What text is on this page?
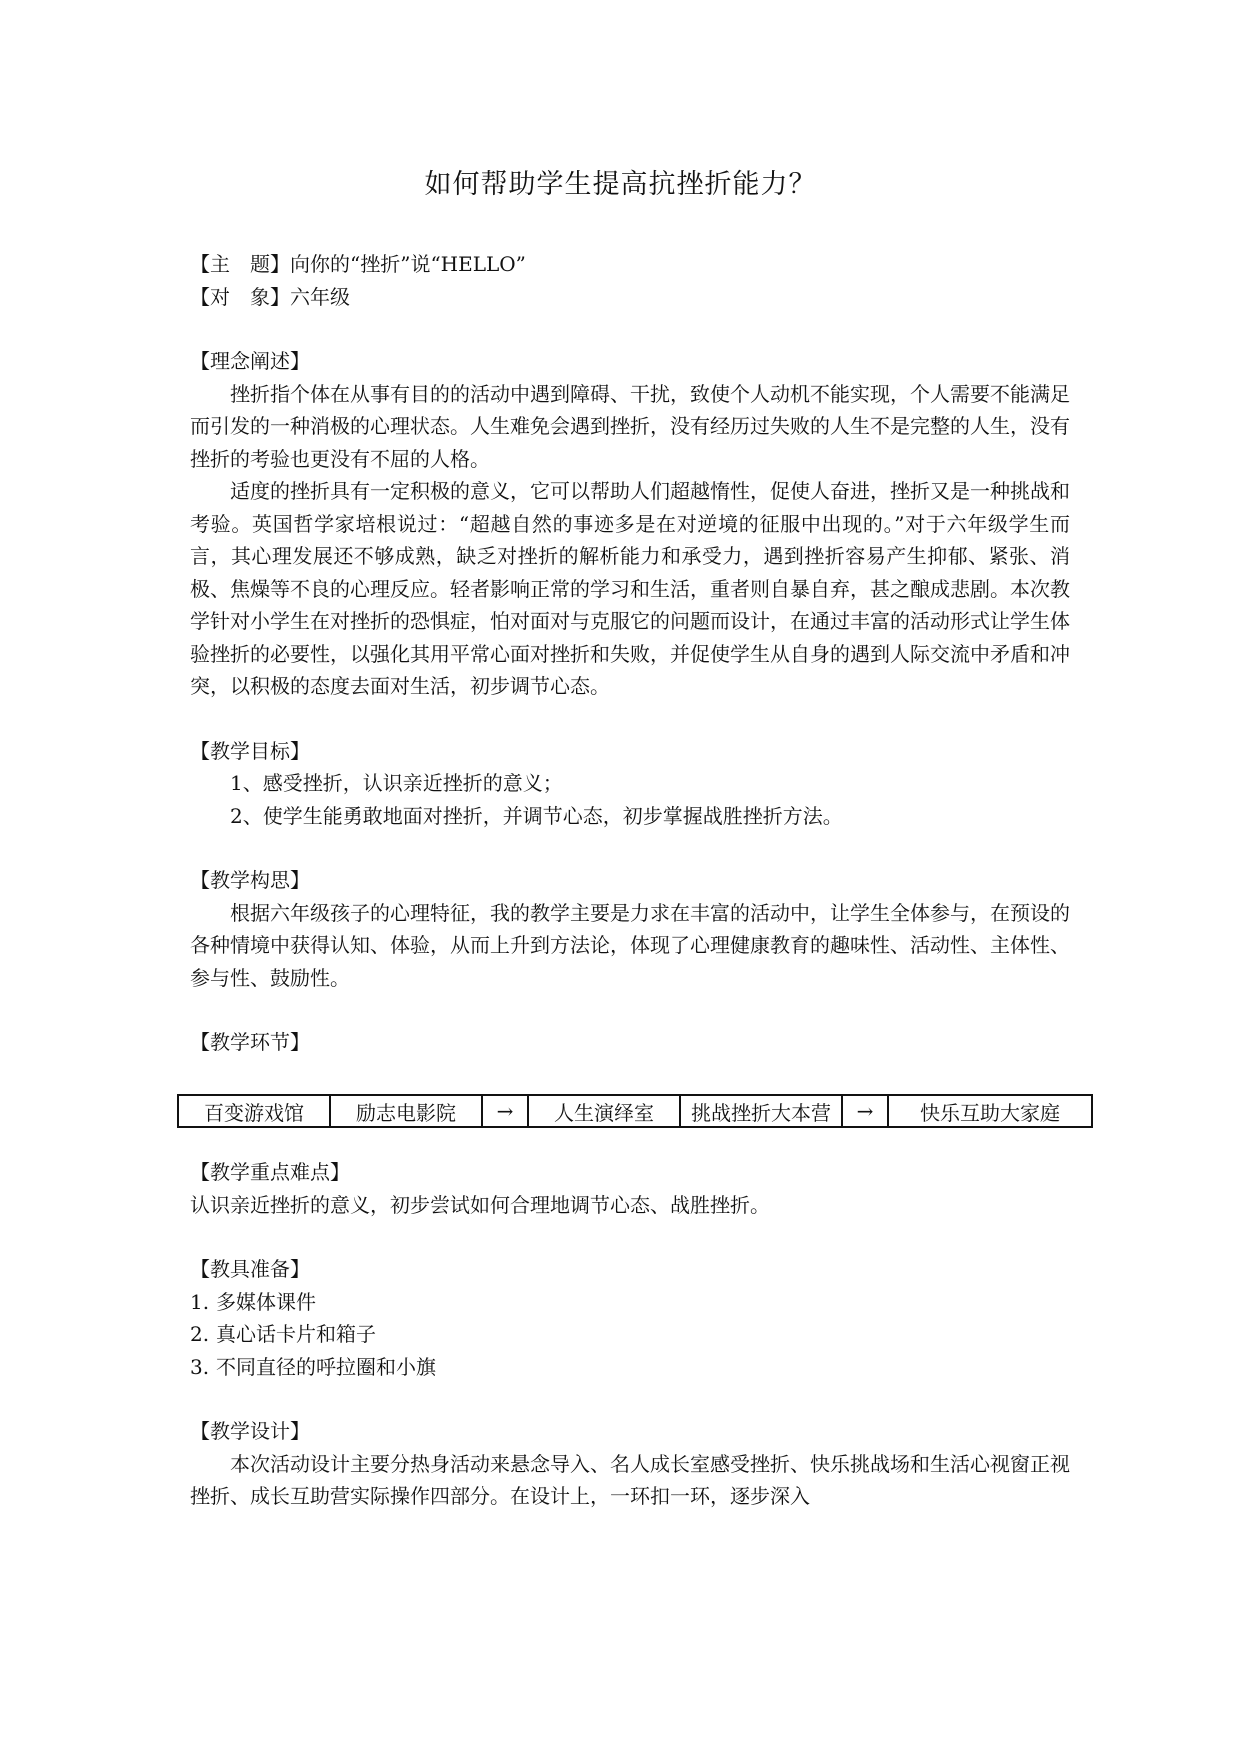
如何帮助学生提高抗挫折能力？
【主题】向你的“挫折”说“HELLO”
【对象】六年级
【理念阐述】

挫折指个体在从事有目的的活动中遇到障碍、干扰，致使个人动机不能实现，个人需要不能满足而引发的一种消极的心理状态。人生难免会遇到挫折，没有经历过失败的人生不是完整的人生，没有挫折的考验也更没有不屈的人格。

适度的挫折具有一定积极的意义，它可以帮助人们超越惰性，促使人奋进，挫折又是一种挑战和考验。英国哲学家培根说过：“超越自然的事迹多是在对逆境的征服中出现的。”对于六年级学生而言，其心理发展还不够成熟，缺乏对挫折的解析能力和承受力，遇到挫折容易产生抑郁、紧张、消极、焦燥等不良的心理反应。轻者影响正常的学习和生活，重者则自暴自弃，甚之酿成悲剧。本次教学针对小学生在对挫折的恐惧症，怕对面对与克服它的问题而设计，在通过丰富的活动形式让学生体验挫折的必要性，以强化其用平常心面对挫折和失败，并促使学生从自身的遇到人际交流中矛盾和冲突，以积极的态度去面对生活，初步调节心态。

【教学目标】
1、感受挫折，认识亲近挫折的意义；
2、使学生能勇敢地面对挫折，并调节心态，初步掌握战胜挫折方法。
【教学构思】

根据六年级孩子的心理特征，我的教学主要是力求在丰富的活动中，让学生全体参与，在预设的各种情境中获得认知、体验，从而上升到方法论，体现了心理健康教育的趣味性、活动性、主体性、参与性、鼓励性。

【教学环节】
百变游戏馆	励志电影院	→	人生演绎室	挑战挫折大本营	→	快乐互助大家庭
【教学重点难点】
认识亲近挫折的意义，初步尝试如何合理地调节心态、战胜挫折。
【教具准备】
1. 多媒体课件
2. 真心话卡片和箱子
3. 不同直径的呼拉圈和小旗
【教学设计】

本次活动设计主要分热身活动来悬念导入、名人成长室感受挫折、快乐挑战场和生活心视窗正视挫折、成长互助营实际操作四部分。在设计上，一环扣一环，逐步深入
